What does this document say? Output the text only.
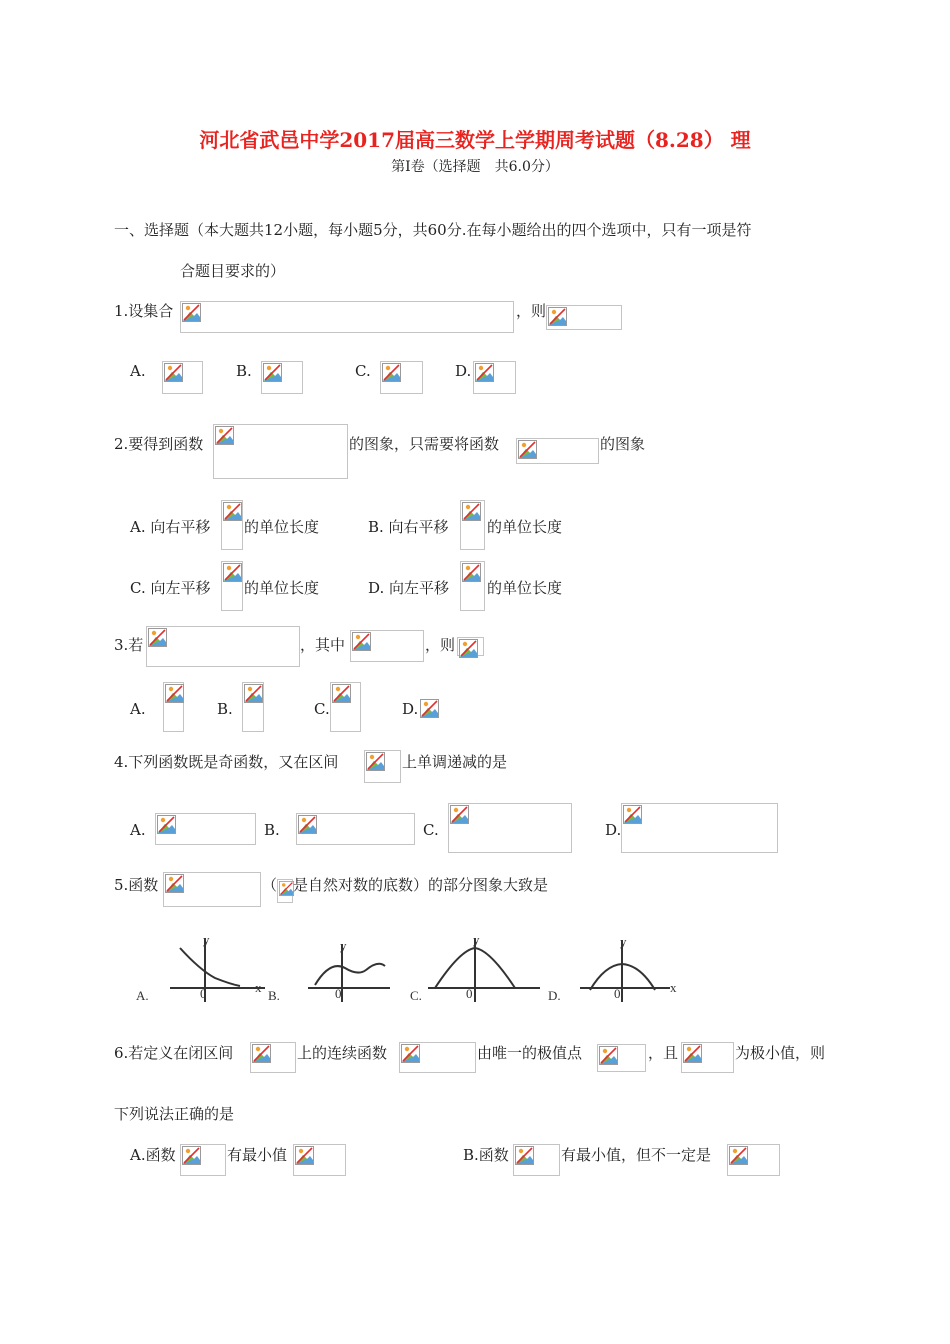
河北省武邑中学2017届高三数学上学期周考试题（8.28） 理
第Ⅰ卷（选择题　共6.0分）
一、选择题（本大题共12小题，每小题5分，共60分.在每小题给出的四个选项中，只有一项是符
合题目要求的）
1.设集合	，则
A.	B.	C.	D.
2.要得到函数	的图象，只需要将函数	的图象
A. 向右平移 的单位长度	B. 向右平移	的单位长度
C. 向左平移 的单位长度	D. 向左平移	的单位长度
3.若	，其中	，则
A.	B.	C.	D.
4.下列函数既是奇函数，又在区间	上单调递减的是
A.	B.	C.	D.
5.函数	（ 是自然对数的底数）的部分图象大致是
A.	0
y
x
B.	0
y
C.	0
y
D.	0
y
x
6.若定义在闭区间	上的连续函数	由唯一的极值点	，且	为极小值，则
下列说法正确的是
A.函数	有最小值	B.函数	有最小值，但不一定是
